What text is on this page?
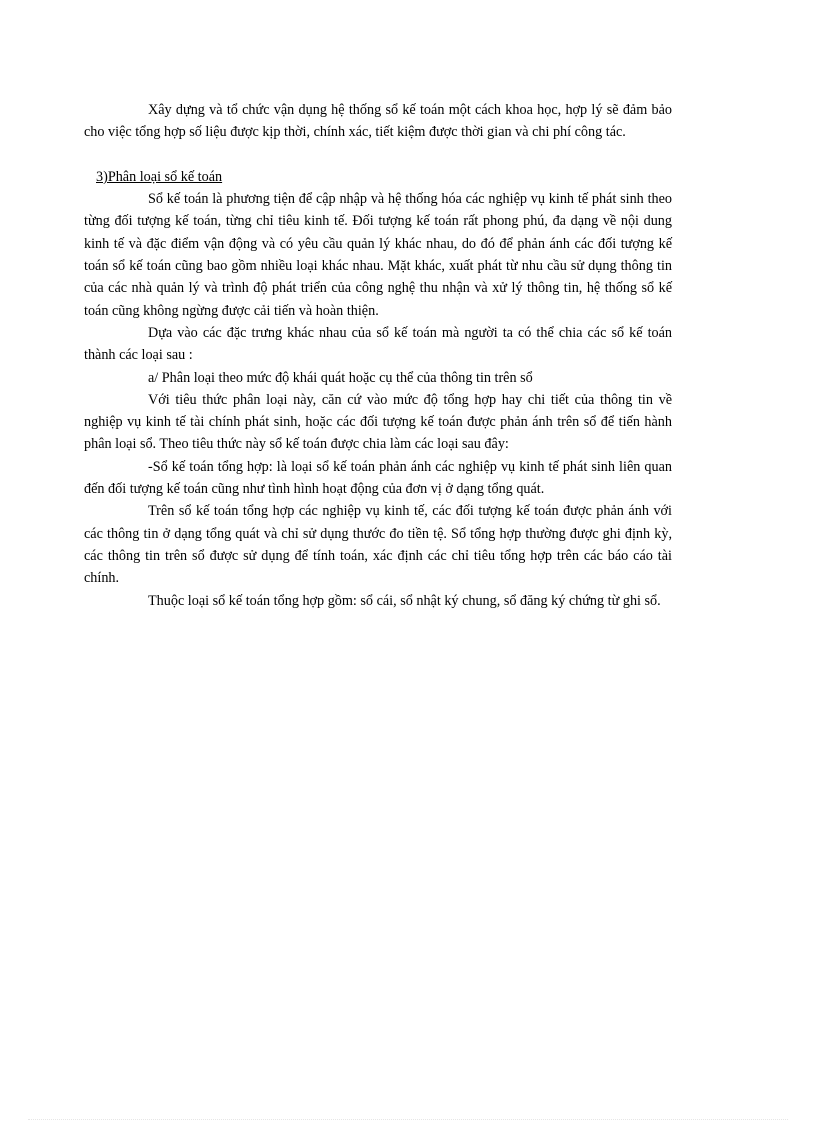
Xây dựng và tổ chức vận dụng hệ thống sổ kế toán một cách khoa học, hợp lý sẽ đảm bảo cho việc tổng hợp số liệu được kịp thời, chính xác, tiết kiệm được thời gian và chi phí công tác.

3)Phân loại sổ kế toán

Sổ kế toán là phương tiện để cập nhập và hệ thống hóa các nghiệp vụ kinh tế phát sinh theo từng đối tượng kế toán, từng chỉ tiêu kinh tế. Đối tượng kế toán rất phong phú, đa dạng về nội dung kinh tế và đặc điểm vận động và có yêu cầu quản lý khác nhau, do đó để phản ánh các đối tượng kế toán sổ kế toán cũng bao gồm nhiều loại khác nhau. Mặt khác, xuất phát từ nhu cầu sử dụng thông tin của các nhà quản lý và trình độ phát triển của công nghệ thu nhận và xử lý thông tin, hệ thống sổ kế toán cũng không ngừng được cải tiến và hoàn thiện.

Dựa vào các đặc trưng khác nhau của sổ kế toán mà người ta có thể chia các sổ kế toán thành các loại sau :

a/ Phân loại theo mức độ khái quát hoặc cụ thể của thông tin trên sổ

Với tiêu thức phân loại này, căn cứ vào mức độ tổng hợp hay chi tiết của thông tin về nghiệp vụ kinh tế tài chính phát sinh, hoặc các đối tượng kế toán được phản ánh trên sổ để tiến hành phân loại sổ. Theo tiêu thức này sổ kế toán được chia làm các loại sau đây:

-Sổ kế toán tổng hợp: là loại sổ kế toán phản ánh các nghiệp vụ kinh tế phát sinh liên quan đến đối tượng kế toán cũng như tình hình hoạt động của đơn vị ở dạng tổng quát.

Trên sổ kế toán tổng hợp các nghiệp vụ kinh tế, các đối tượng kế toán được phản ánh với các thông tin ở dạng tổng quát và chỉ sử dụng thước đo tiền tệ. Sổ tổng hợp thường được ghi định kỳ, các thông tin trên sổ được sử dụng để tính toán, xác định các chỉ tiêu tổng hợp trên các báo cáo tài chính.

Thuộc loại sổ kế toán tổng hợp gồm: sổ cái, sổ nhật ký chung, sổ đăng ký chứng từ ghi sổ.
